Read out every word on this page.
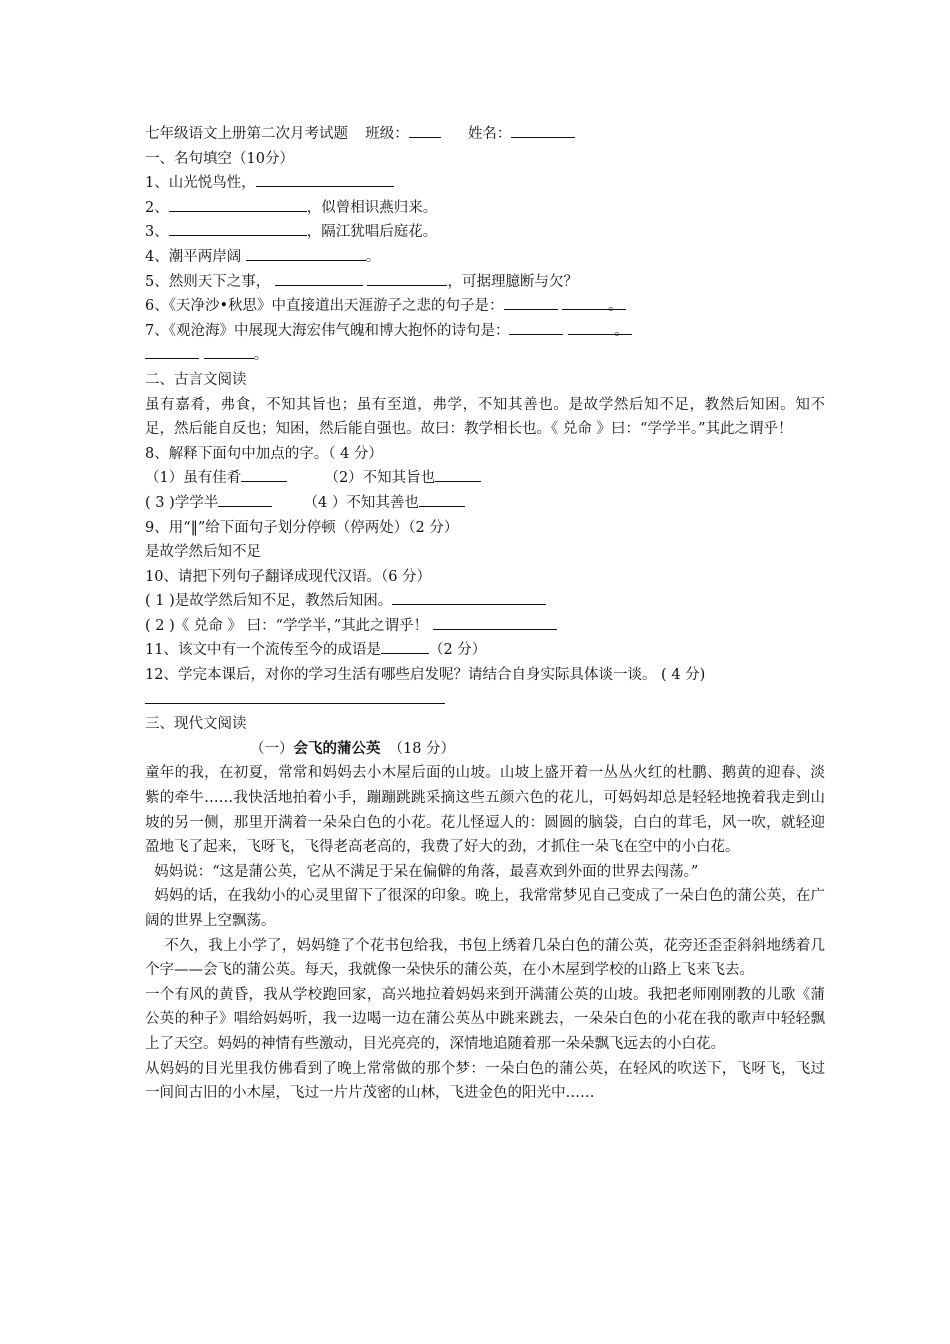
七年级语文上册第二次月考试题 班级：	姓名：
一、名句填空（10分）
1、山光悦鸟性，
2、	，似曾相识燕归来。
3、	，隔江犹唱后庭花。
4、潮平两岸阔	。
5、然则天下之事，	，可据理臆断与欠？
6、《天净沙•秋思》中直接道出天涯游子之悲的句子是：	。
7、《观沧海》中展现大海宏伟气魄和博大抱怀的诗句是：	。
。
二、古言文阅读
虽有嘉肴，弗食，不知其旨也；虽有至道，弗学，不知其善也。是故学然后知不足，教然后知困。知不足，然后能自反也；知困，然后能自强也。故曰：教学相长也。《 兑命 》曰：“学学半。”其此之谓乎！
8、解释下面句中加点的字。（ 4 分）
（1）虽有佳肴	（2）不知其旨也
( 3 )学学半	（4 ）不知其善也
9、用“‖”给下面句子划分停顿（停两处）（2 分）
是故学然后知不足
10、请把下列句子翻译成现代汉语。（6 分）
( 1 )是故学然后知不足，教然后知困。
( 2 )《 兑命 》 曰：“学学半，”其此之谓乎！
11、该文中有一个流传至今的成语是	（2 分）
12、学完本课后，对你的学习生活有哪些启发呢？请结合自身实际具体谈一谈。 ( 4 分)
三、现代文阅读
（一）会飞的蒲公英 （18 分）
童年的我，在初夏，常常和妈妈去小木屋后面的山坡。山坡上盛开着一丛丛火红的杜鹏、鹅黄的迎春、淡紫的牵牛……我快活地拍着小手，蹦蹦跳跳采摘这些五颜六色的花儿，可妈妈却总是轻轻地挽着我走到山坡的另一侧，那里开满着一朵朵白色的小花。花儿怪逗人的：圆圆的脑袋，白白的茸毛，风一吹，就轻迎盈地飞了起来，飞呀飞，飞得老高老高的，我费了好大的劲，才抓住一朵飞在空中的小白花。
妈妈说：“这是蒲公英，它从不满足于呆在偏僻的角落，最喜欢到外面的世界去闯荡。”
妈妈的话，在我幼小的心灵里留下了很深的印象。晚上，我常常梦见自己变成了一朵白色的蒲公英，在广阔的世界上空飘荡。
不久，我上小学了，妈妈缝了个花书包给我，书包上绣着几朵白色的蒲公英，花旁还歪歪斜斜地绣着几个字——会飞的蒲公英。每天，我就像一朵快乐的蒲公英，在小木屋到学校的山路上飞来飞去。
一个有风的黄昏，我从学校跑回家，高兴地拉着妈妈来到开满蒲公英的山坡。我把老师刚刚教的儿歌《蒲公英的种子》唱给妈妈听，我一边喝一边在蒲公英丛中跳来跳去，一朵朵白色的小花在我的歌声中轻轻飘上了天空。妈妈的神情有些激动，目光亮亮的，深情地追随着那一朵朵飘飞远去的小白花。
从妈妈的目光里我仿佛看到了晚上常常做的那个梦：一朵白色的蒲公英，在轻风的吹送下，飞呀飞，飞过一间间古旧的小木屋，飞过一片片茂密的山林，飞进金色的阳光中……
